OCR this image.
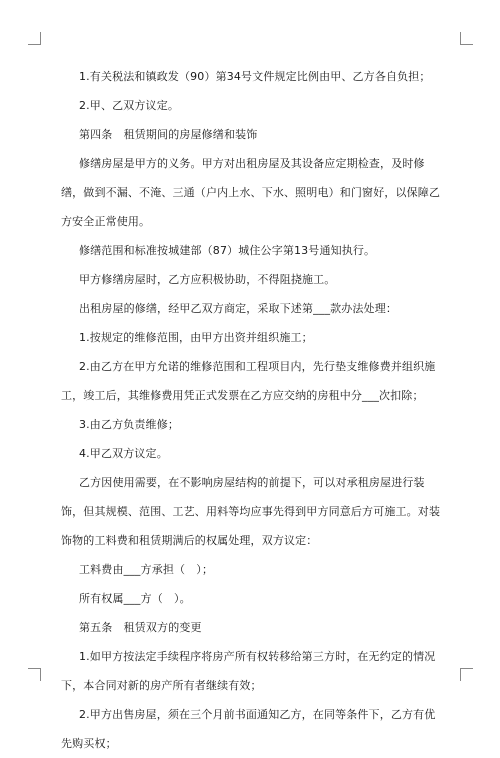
1.有关税法和镇政发（90）第34号文件规定比例由甲、乙方各自负担；

2.甲、乙双方议定。

第四条　租赁期间的房屋修缮和装饰

修缮房屋是甲方的义务。甲方对出租房屋及其设备应定期检查，及时修缮，做到不漏、不淹、三通（户内上水、下水、照明电）和门窗好，以保障乙方安全正常使用。

修缮范围和标准按城建部（87）城住公字第13号通知执行。

甲方修缮房屋时，乙方应积极协助，不得阻挠施工。

出租房屋的修缮，经甲乙双方商定，采取下述第___款办法处理：

1.按规定的维修范围，由甲方出资并组织施工；

2.由乙方在甲方允诺的维修范围和工程项目内，先行垫支维修费并组织施工，竣工后，其维修费用凭正式发票在乙方应交纳的房租中分___次扣除；

3.由乙方负责维修；

4.甲乙双方议定。

乙方因使用需要，在不影响房屋结构的前提下，可以对承租房屋进行装饰，但其规模、范围、工艺、用料等均应事先得到甲方同意后方可施工。对装饰物的工料费和租赁期满后的权属处理，双方议定：

工料费由___方承担（　）；

所有权属___方（　）。

第五条　租赁双方的变更

1.如甲方按法定手续程序将房产所有权转移给第三方时，在无约定的情况下，本合同对新的房产所有者继续有效；

2.甲方出售房屋，须在三个月前书面通知乙方，在同等条件下，乙方有优先购买权；
